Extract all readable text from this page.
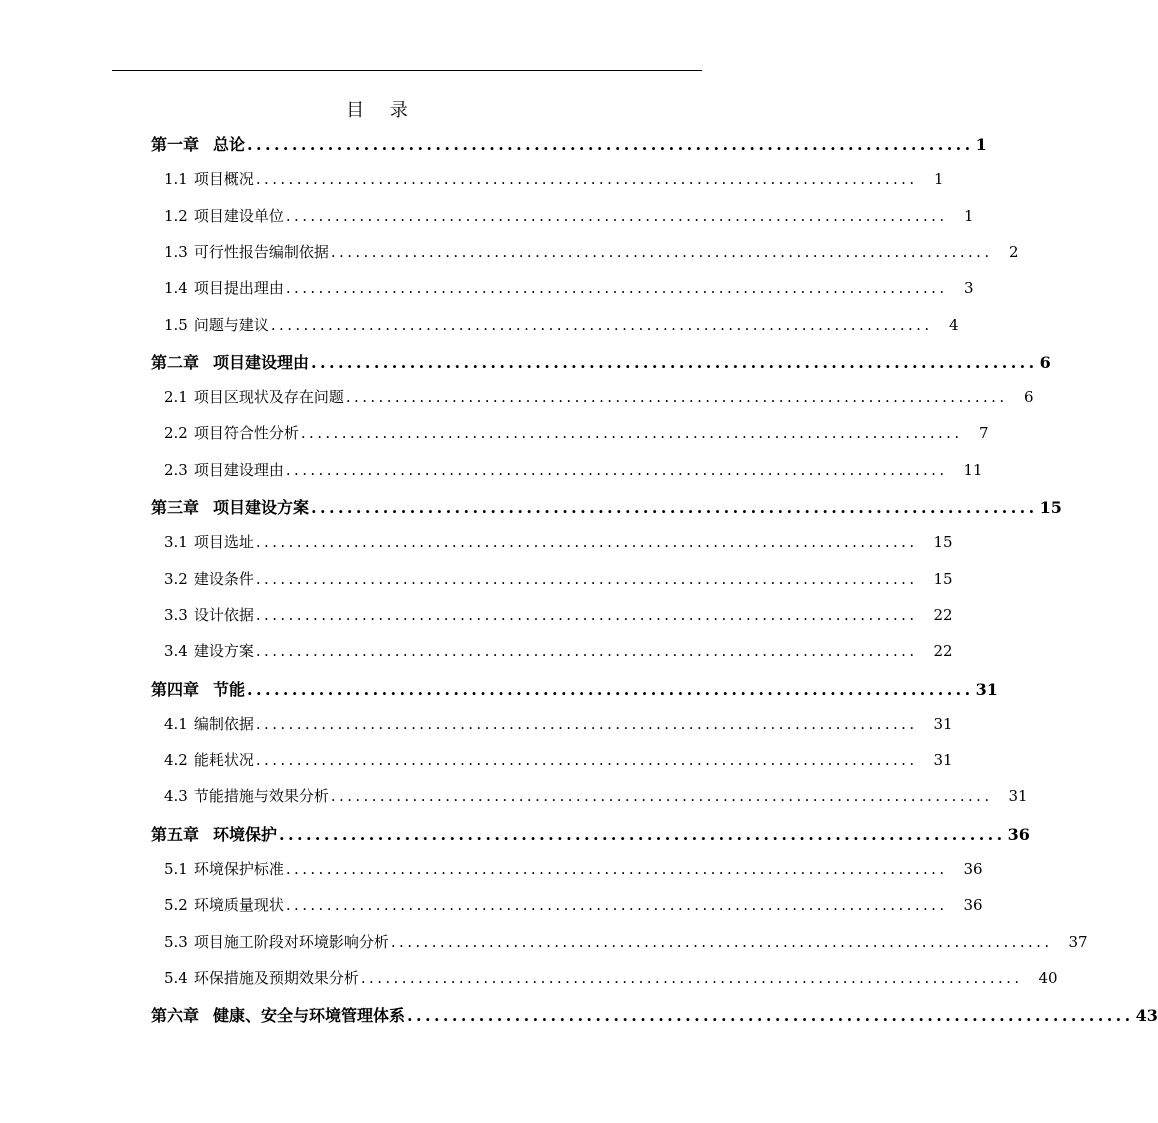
目 录
第一章 总论 ................................................................................. 1
1.1 项目概况 ................................................................................. 1
1.2 项目建设单位 ................................................................................. 1
1.3 可行性报告编制依据 ................................................................................. 2
1.4 项目提出理由 ................................................................................. 3
1.5 问题与建议 ................................................................................. 4
第二章 项目建设理由 ................................................................................. 6
2.1 项目区现状及存在问题 ................................................................................. 6
2.2 项目符合性分析 ................................................................................. 7
2.3 项目建设理由 ................................................................................. 11
第三章 项目建设方案 ................................................................................. 15
3.1 项目选址 ................................................................................. 15
3.2 建设条件 ................................................................................. 15
3.3 设计依据 ................................................................................. 22
3.4 建设方案 ................................................................................. 22
第四章 节能 ................................................................................. 31
4.1 编制依据 ................................................................................. 31
4.2 能耗状况 ................................................................................. 31
4.3 节能措施与效果分析 ................................................................................. 31
第五章 环境保护 ................................................................................. 36
5.1 环境保护标准 ................................................................................. 36
5.2 环境质量现状 ................................................................................. 36
5.3 项目施工阶段对环境影响分析 ................................................................................. 37
5.4 环保措施及预期效果分析 ................................................................................. 40
第六章 健康、安全与环境管理体系 ................................................................................. 43
